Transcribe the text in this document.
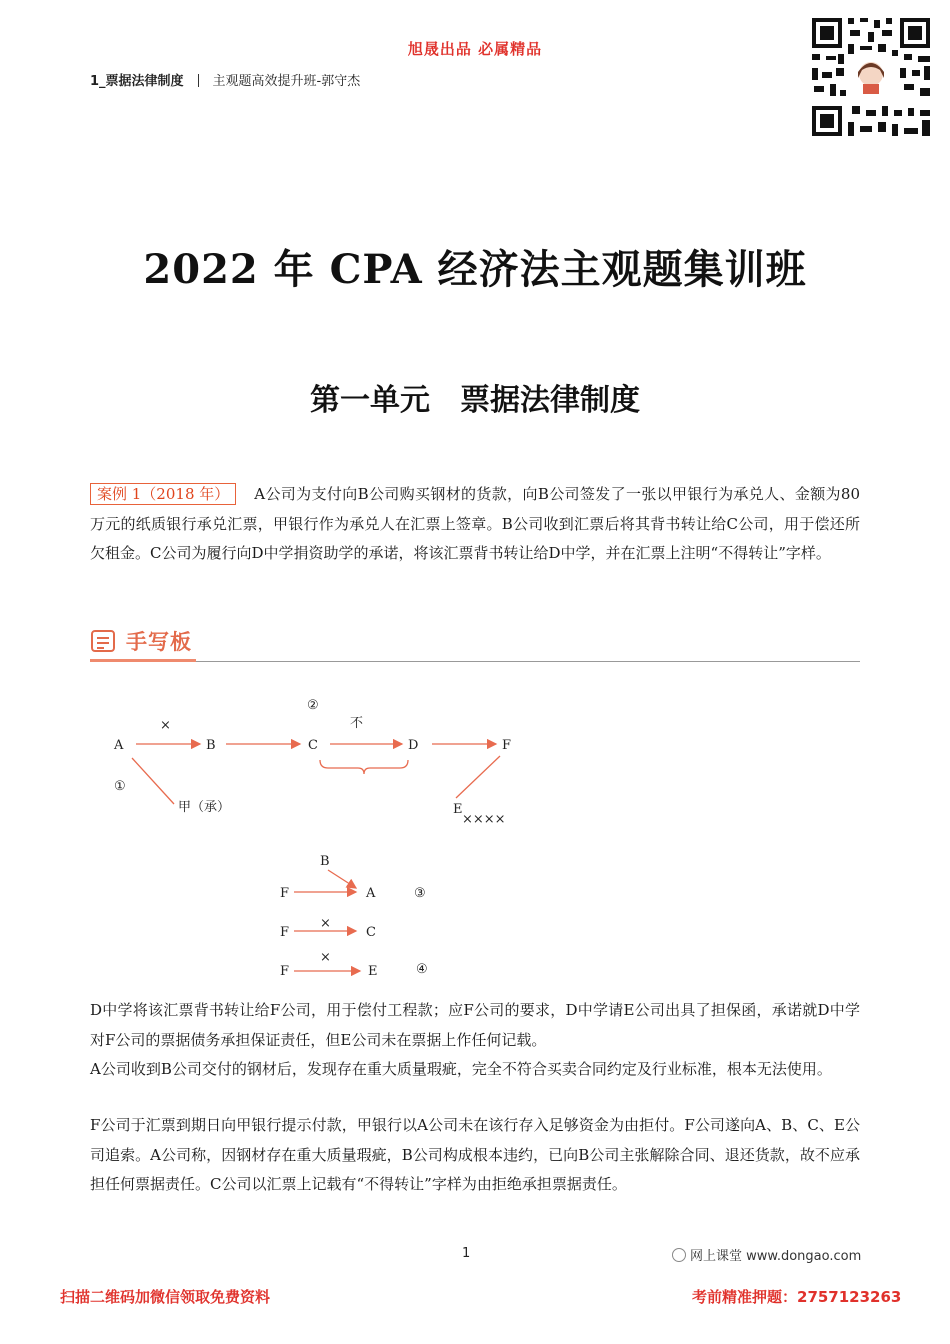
旭晟出品 必属精品
1_票据法律制度 主观题高效提升班-郭守杰
2022 年 CPA 经济法主观题集训班
第一单元　票据法律制度
案例 1（2018 年） A公司为支付向B公司购买钢材的货款，向B公司签发了一张以甲银行为承兑人、金额为80万元的纸质银行承兑汇票，甲银行作为承兑人在汇票上签章。B公司收到汇票后将其背书转让给C公司，用于偿还所欠租金。C公司为履行向D中学捐资助学的承诺，将该汇票背书转让给D中学，并在汇票上注明“不得转让”字样。
手写板
A	B	C	D	F
E
甲（承）
×
②
不
①
××××
B
F	A	③
×
F	C
×
F	E	④
D中学将该汇票背书转让给F公司，用于偿付工程款；应F公司的要求，D中学请E公司出具了担保函，承诺就D中学对F公司的票据债务承担保证责任，但E公司未在票据上作任何记载。
A公司收到B公司交付的钢材后，发现存在重大质量瑕疵，完全不符合买卖合同约定及行业标准，根本无法使用。
F公司于汇票到期日向甲银行提示付款，甲银行以A公司未在该行存入足够资金为由拒付。F公司遂向A、B、C、E公司追索。A公司称，因钢材存在重大质量瑕疵，B公司构成根本违约，已向B公司主张解除合同、退还货款，故不应承担任何票据责任。C公司以汇票上记载有“不得转让”字样为由拒绝承担票据责任。
1	网上课堂 www.dongao.com
扫描二维码加微信领取免费资料	考前精准押题：2757123263
